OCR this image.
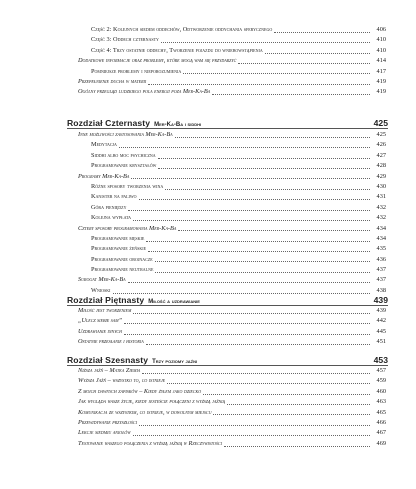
Część 2: Kolejnych siedem oddechów, Odtworzenie oddychania sferycznego	406
Część 3: Oddech czternasty	410
Część 4: Trzy ostatnie oddechy, Tworzenie pojazdu do wniebowstąpienia	410
Dodatkowe informacje oraz problemy, które mogą wam się przydarzyć	414
Pomniejsze problemy i nieporozumienia	417
Przepełnienie ducha w materii	419
Ogólny przegląd ludzkiego pola energii poza Mer-Ka-Ba	419
Rozdział Czternasty Mer-Ka-Ba i siddhi	425
Inne możliwości zastosowania Mer-Ka-Ba	425
Medytacja	426
Siddhi albo moc psychiczna	427
Programowanie kryształów	428
Programy Mer-Ka-Ba	429
Różne sposoby tworzenia wina	430
Kanister na paliwo	431
Góra pieniędzy	432
Kolejna wypłata	432
Cztery sposoby programowania Mer-Ka-Ba	434
Programowanie męskie	434
Programowanie żeńskie	435
Programowanie obojnacze	436
Programowanie neutralne	437
Surogat Mer-Ka-Ba	437
Wnioski	438
Rozdział Piętnasty Miłość a uzdrawianie	439
Miłość jest tworzeniem	439
„Ulecz siebie sam”	442
Uzdrawianie innych	445
Ostatnie przesłanie i historia	451
Rozdział Szesnasty Trzy poziomy jaźni	453
Niższa jaźń – Matka Ziemia	457
Wyższa Jaźń – wszystko to, co istnieje	459
Z moich dawnych zapisków – Kiedy żyłem jako dziecko	460
Jak wygląda wasze życie, kiedy jesteście połączeni z wyższą jaźnią	463
Komunikacja ze wszystkim, co istnieje, w dowolnym miejscu	465
Przewidywanie przyszłości	466
Lekcje siedmiu aniołów	467
Testowanie waszego połączenia z wyższą jaźnią w Rzeczywistości	469
